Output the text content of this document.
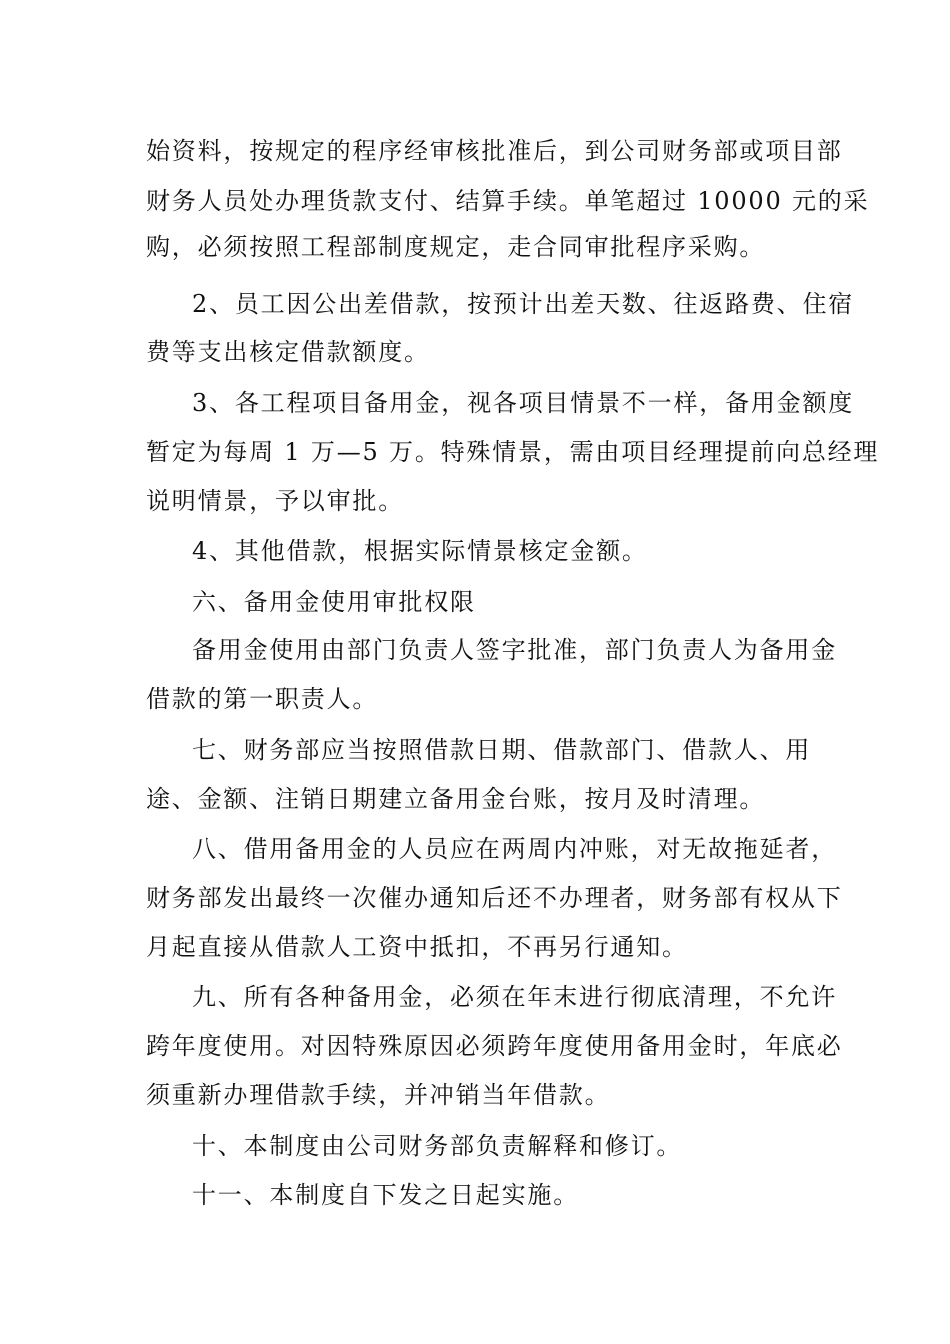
始资料，按规定的程序经审核批准后，到公司财务部或项目部
财务人员处办理货款支付、结算手续。单笔超过 10000 元的采
购，必须按照工程部制度规定，走合同审批程序采购。
2、员工因公出差借款，按预计出差天数、往返路费、住宿
费等支出核定借款额度。
3、各工程项目备用金，视各项目情景不一样，备用金额度
暂定为每周 1 万—5 万。特殊情景，需由项目经理提前向总经理
说明情景，予以审批。
4、其他借款，根据实际情景核定金额。
六、备用金使用审批权限
备用金使用由部门负责人签字批准，部门负责人为备用金
借款的第一职责人。
七、财务部应当按照借款日期、借款部门、借款人、用
途、金额、注销日期建立备用金台账，按月及时清理。
八、借用备用金的人员应在两周内冲账，对无故拖延者，
财务部发出最终一次催办通知后还不办理者，财务部有权从下
月起直接从借款人工资中抵扣，不再另行通知。
九、所有各种备用金，必须在年末进行彻底清理，不允许
跨年度使用。对因特殊原因必须跨年度使用备用金时，年底必
须重新办理借款手续，并冲销当年借款。
十、本制度由公司财务部负责解释和修订。
十一、本制度自下发之日起实施。
